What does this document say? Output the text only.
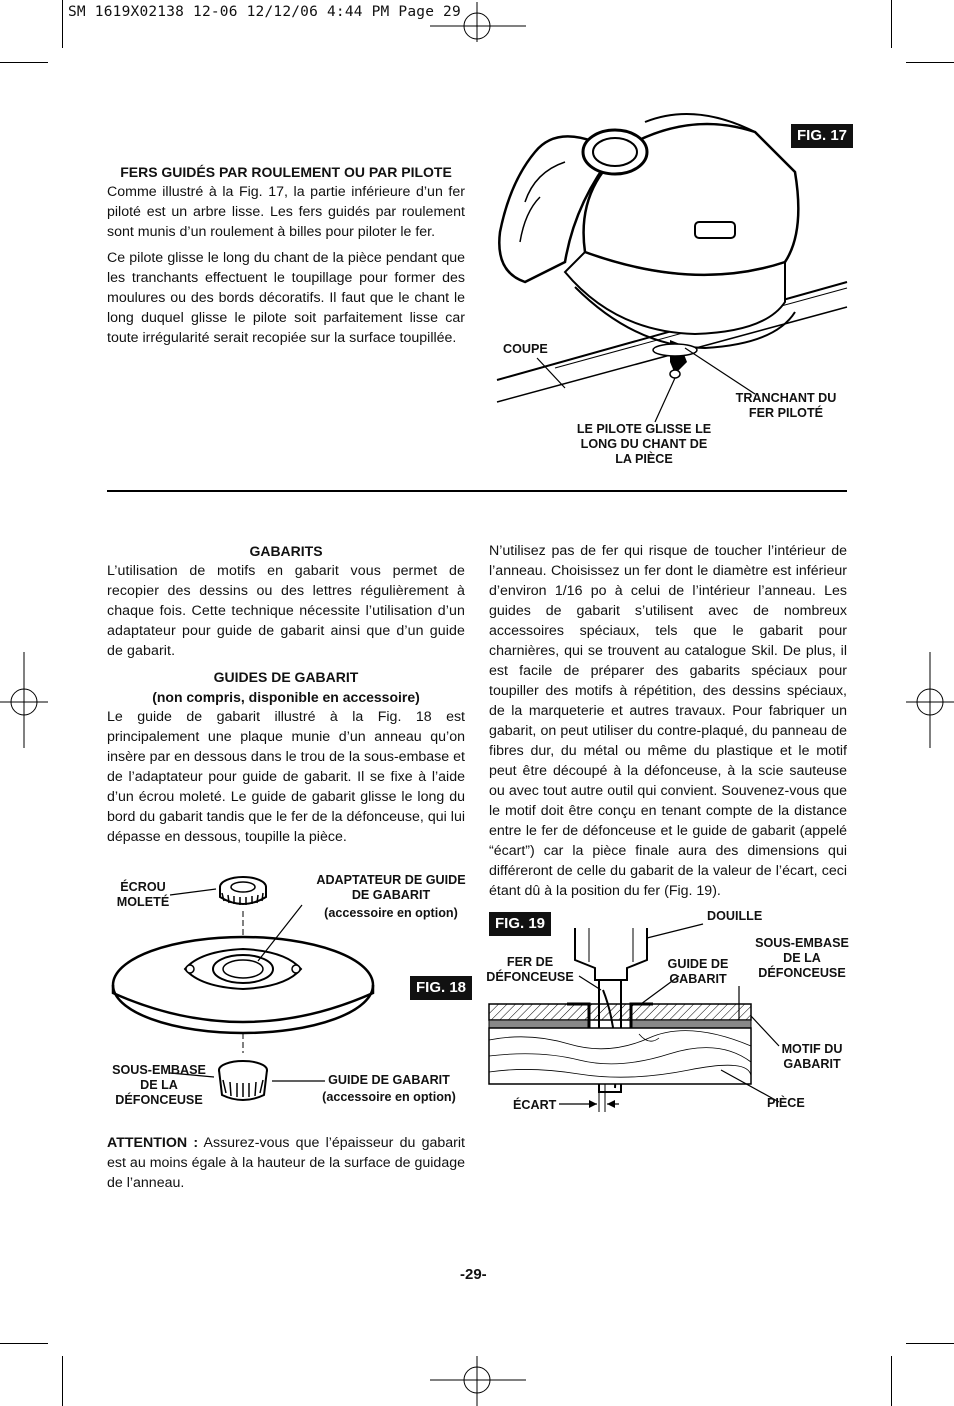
SM 1619X02138 12-06 12/12/06 4:44 PM Page 29
FERS GUIDÉS PAR ROULEMENT OU PAR PILOTE

Comme illustré à la Fig. 17, la partie inférieure d’un fer piloté est un arbre lisse. Les fers guidés par roulement sont munis d’un roulement à billes pour piloter le fer.

Ce pilote glisse le long du chant de la pièce pendant que les tranchants effectuent le toupillage pour former des moulures ou des bords décoratifs. Il faut que le chant le long duquel glisse le pilote soit parfaitement lisse car toute irrégularité serait recopiée sur la surface toupillée.

FIG. 17
COUPE
TRANCHANT DU FER PILOTÉ
LE PILOTE GLISSE LE LONG DU CHANT DE LA PIÈCE
GABARITS

L’utilisation de motifs en gabarit vous permet de recopier des dessins ou des lettres régulièrement à chaque fois. Cette technique nécessite l’utilisation d’un adaptateur pour guide de gabarit ainsi que d’un guide de gabarit.

GUIDES DE GABARIT
(non compris, disponible en accessoire)

Le guide de gabarit illustré à la Fig. 18 est principalement une plaque munie d’un anneau qu’on insère par en dessous dans le trou de la sous-embase et de l’adaptateur pour guide de gabarit. Il se fixe à l’aide d’un écrou moleté. Le guide de gabarit glisse le long du bord du gabarit tandis que le fer de la défonceuse, qui lui dépasse en dessous, toupille la pièce.

ÉCROU MOLETÉ
ADAPTATEUR DE GUIDE DE GABARIT
(accessoire en option)
FIG. 18
SOUS-EMBASE DE LA DÉFONCEUSE
GUIDE DE GABARIT
(accessoire en option)
ATTENTION : Assurez-vous que l’épaisseur du gabarit est au moins égale à la hauteur de la surface de guidage de l’anneau.

N’utilisez pas de fer qui risque de toucher l’intérieur de l’anneau. Choisissez un fer dont le diamètre est inférieur d’environ 1/16 po à celui de l’intérieur l’anneau. Les guides de gabarit s’utilisent avec de nombreux accessoires spéciaux, tels que le gabarit pour charnières, qui se trouvent au catalogue Skil. De plus, il est facile de préparer des gabarits spéciaux pour toupiller des motifs à répétition, des dessins spéciaux, de la marqueterie et autres travaux. Pour fabriquer un gabarit, on peut utiliser du contre-plaqué, du panneau de fibres dur, du métal ou même du plastique et le motif peut être découpé à la défonceuse, à la scie sauteuse ou avec tout autre outil qui convient. Souvenez-vous que le motif doit être conçu en tenant compte de la distance entre le fer de défonceuse et le guide de gabarit (appelé “écart”) car la pièce finale aura des dimensions qui différeront de celle du gabarit de la valeur de l’écart, ceci étant dû à la position du fer (Fig. 19).

FIG. 19	DOUILLE
FER DE DÉFONCEUSE
GUIDE DE GABARIT
SOUS-EMBASE DE LA DÉFONCEUSE
MOTIF DU GABARIT
ÉCART	PIÈCE
-29-
